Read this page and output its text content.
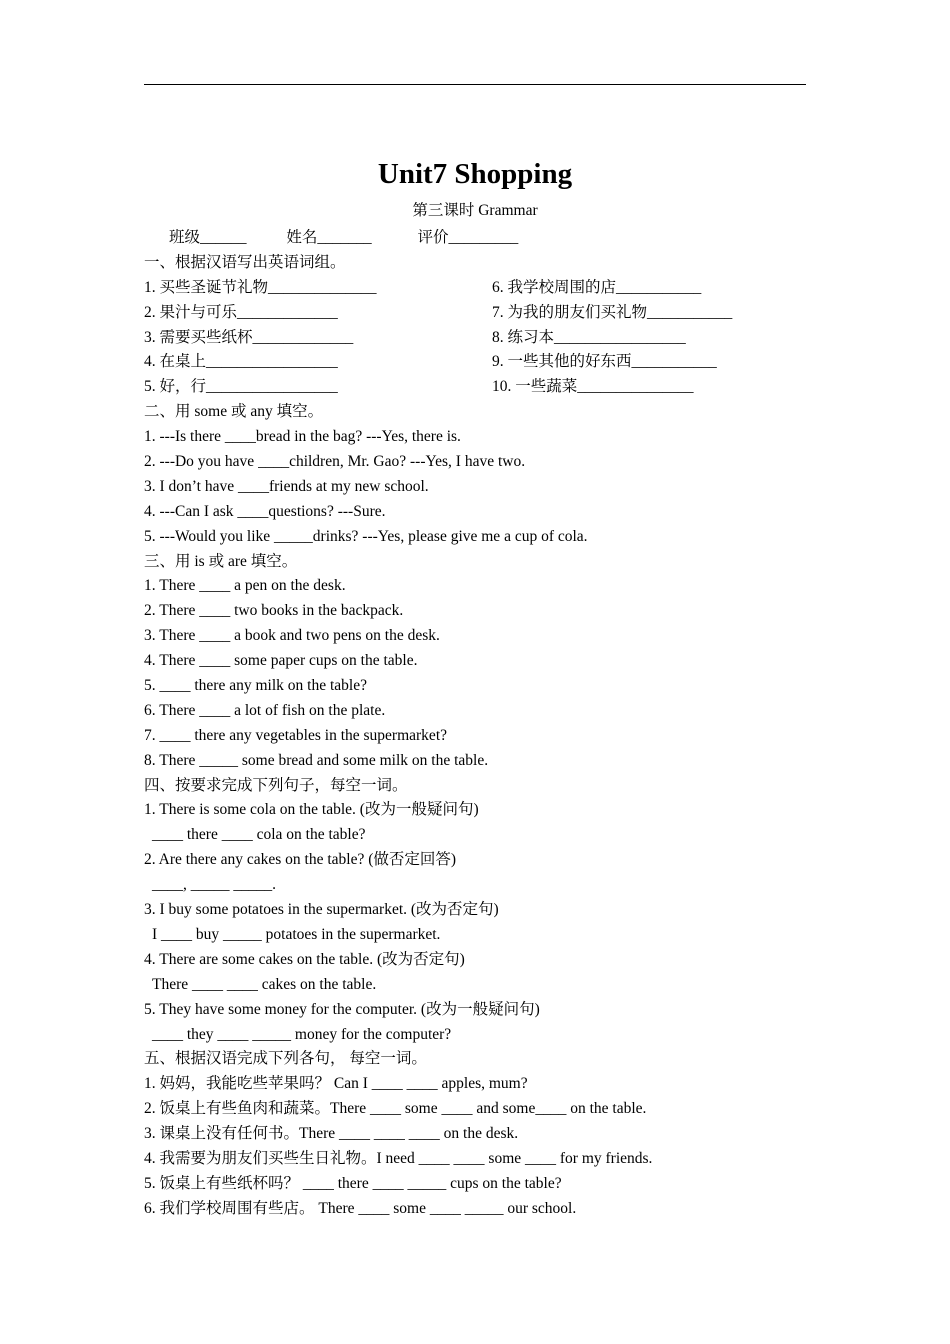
Unit7 Shopping
第三课时 Grammar
班级______	姓名_______	评价_________
一、根据汉语写出英语词组。
1. 买些圣诞节礼物______________	6. 我学校周围的店___________
2. 果汁与可乐_____________	7. 为我的朋友们买礼物___________
3. 需要买些纸杯_____________	8. 练习本_________________
4. 在桌上_________________	9. 一些其他的好东西___________
5. 好，行_________________	10. 一些蔬菜_______________
二、用 some 或 any 填空。
1. ---Is there ____bread in the bag? ---Yes, there is.
2. ---Do you have ____children, Mr. Gao? ---Yes, I have two.
3. I don’t have ____friends at my new school.
4. ---Can I ask ____questions? ---Sure.
5. ---Would you like _____drinks? ---Yes, please give me a cup of cola.
三、用 is 或 are 填空。
1. There ____ a pen on the desk.
2. There ____ two books in the backpack.
3. There ____ a book and two pens on the desk.
4. There ____ some paper cups on the table.
5. ____ there any milk on the table?
6. There ____ a lot of fish on the plate.
7. ____ there any vegetables in the supermarket?
8. There _____ some bread and some milk on the table.
四、按要求完成下列句子，每空一词。
1. There is some cola on the table. (改为一般疑问句)
____ there ____ cola on the table?
2. Are there any cakes on the table? (做否定回答)
____, _____ _____.
3. I buy some potatoes in the supermarket. (改为否定句)
I ____ buy _____ potatoes in the supermarket.
4. There are some cakes on the table. (改为否定句)
There ____ ____ cakes on the table.
5. They have some money for the computer. (改为一般疑问句)
____ they ____ _____ money for the computer?
五、根据汉语完成下列各句， 每空一词。
1. 妈妈，我能吃些苹果吗？ Can I ____ ____ apples, mum?
2. 饭桌上有些鱼肉和蔬菜。There ____ some ____ and some____ on the table.
3. 课桌上没有任何书。There ____ ____ ____ on the desk.
4. 我需要为朋友们买些生日礼物。I need ____ ____ some ____ for my friends.
5. 饭桌上有些纸杯吗？ ____ there ____ _____ cups on the table?
6. 我们学校周围有些店。 There ____ some ____ _____ our school.
